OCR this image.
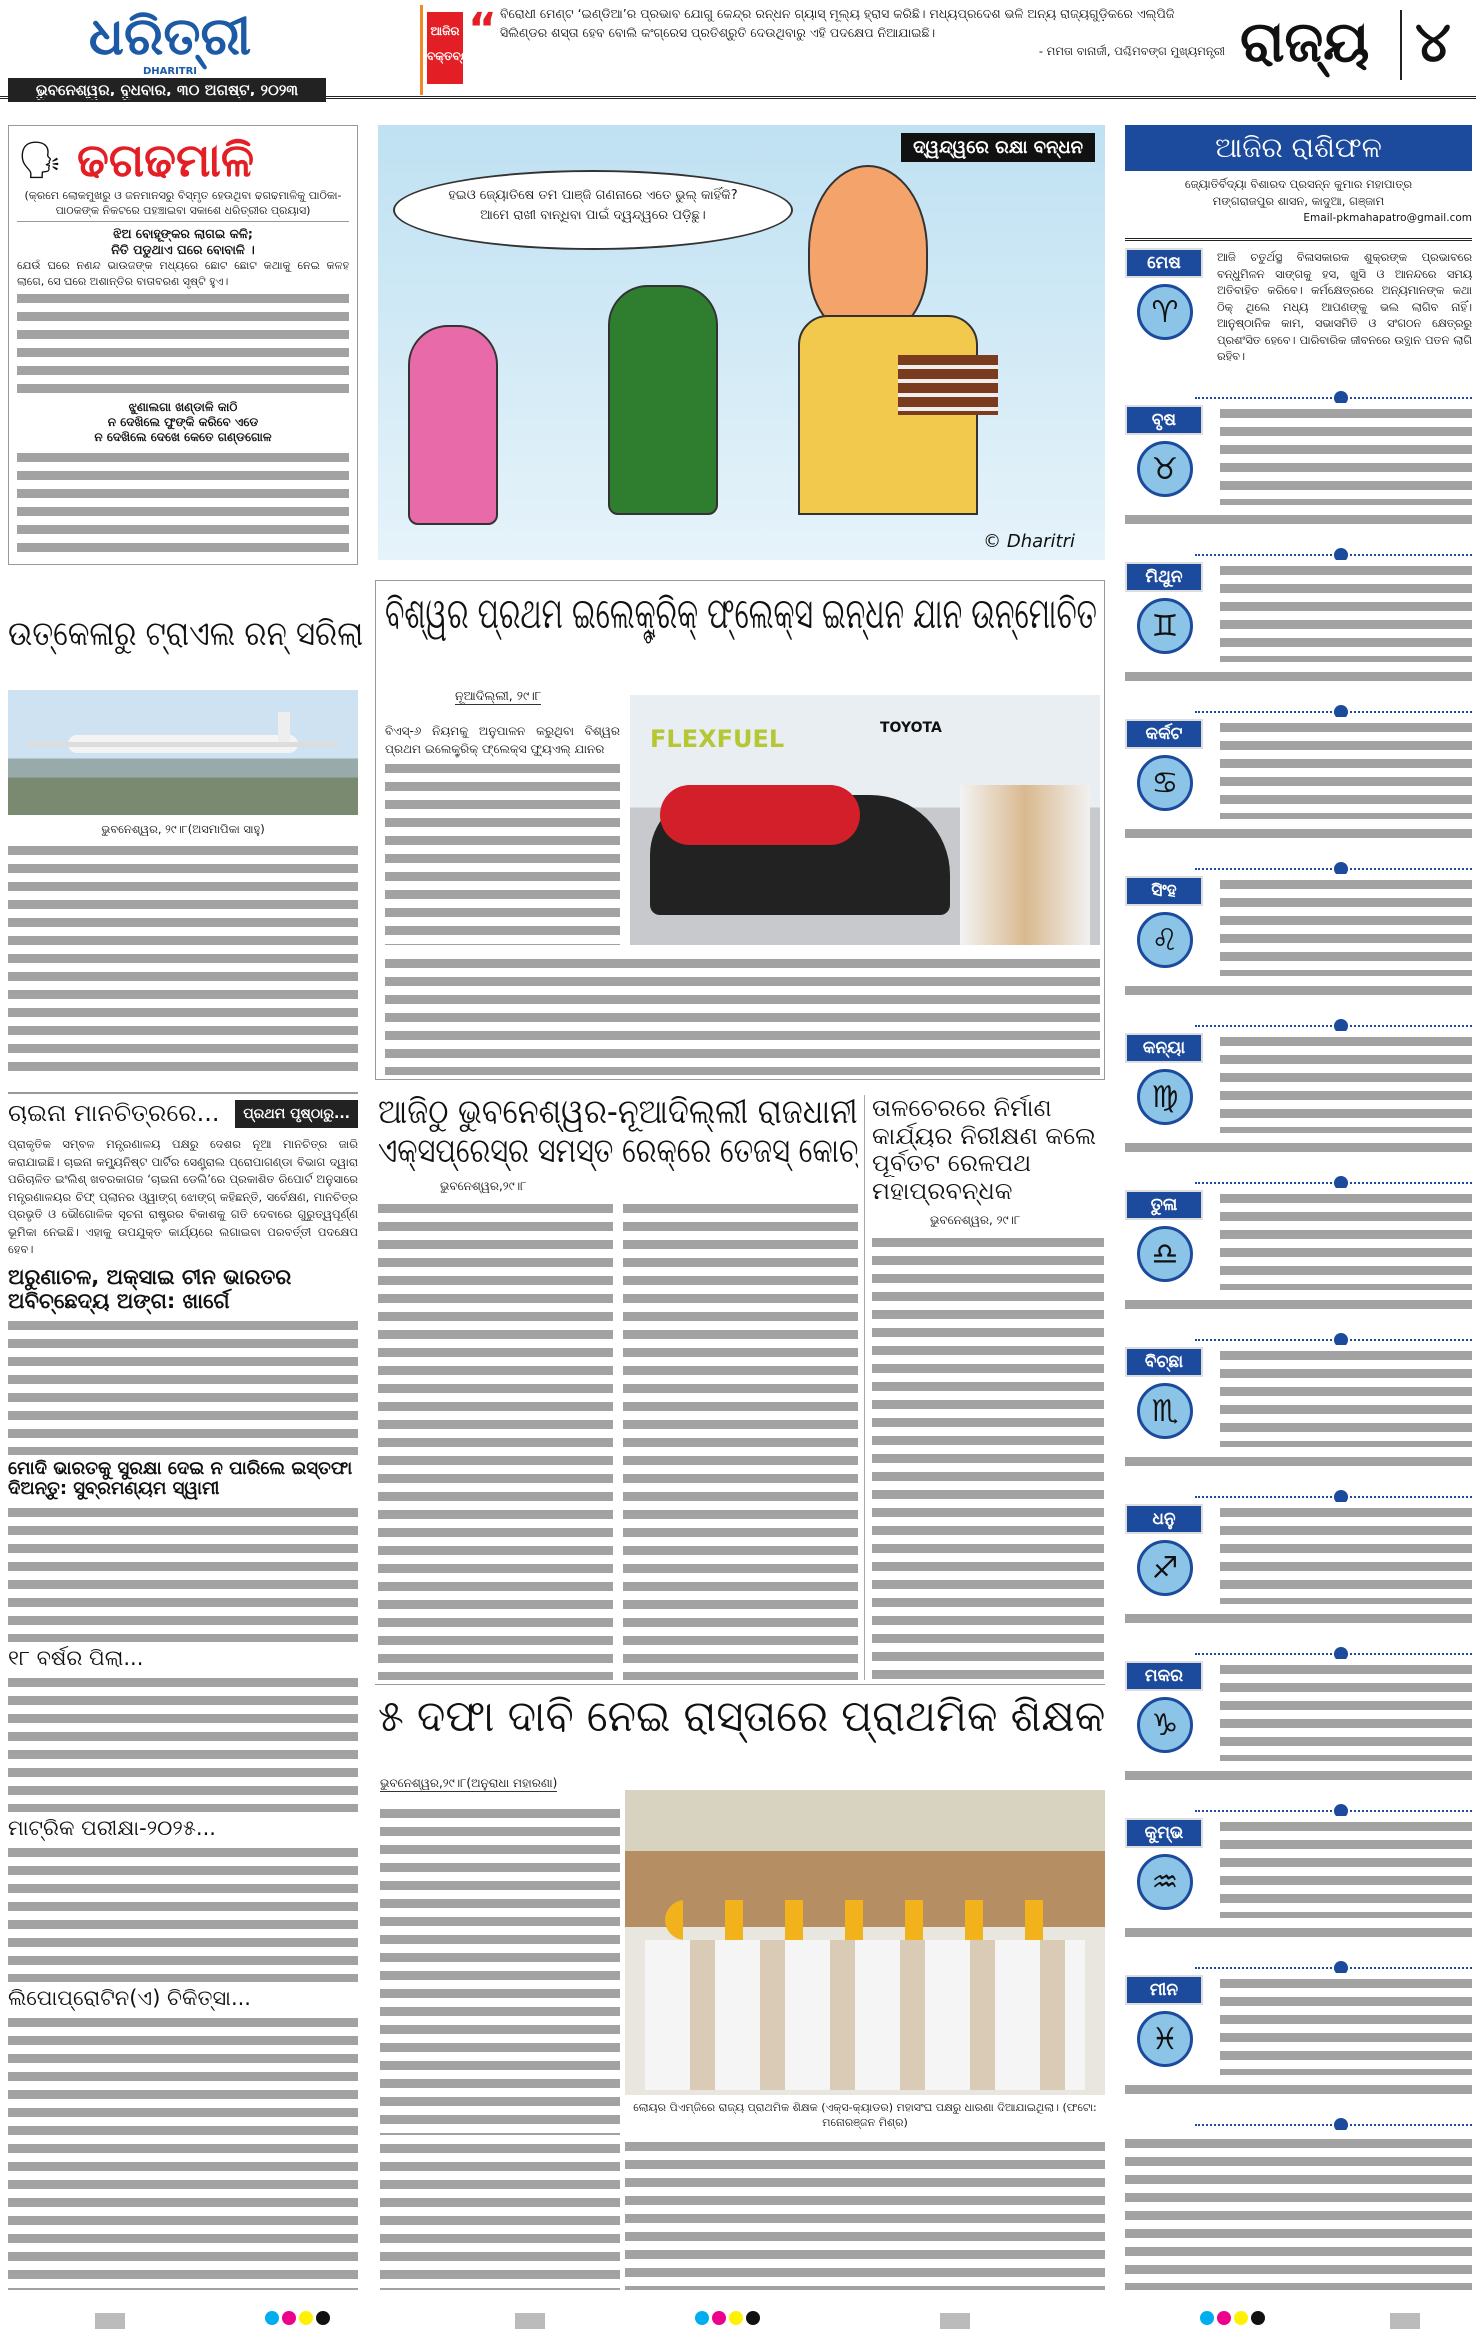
ଧରିତ୍ରୀ
DHARITRI
ଭୁବନେଶ୍ୱର, ବୁଧବାର, ୩୦ ଅଗଷ୍ଟ, ୨୦୨୩
ଆଜିର
ବକ୍ତବ୍ୟ
“ ବିରୋଧୀ ମେଣ୍ଟ ‘ଇଣ୍ଡିଆ’ର ପ୍ରଭାବ ଯୋଗୁ କେନ୍ଦ୍ର ରନ୍ଧନ ଗ୍ୟାସ୍ ମୂଲ୍ୟ ହ୍ରାସ କରିଛି। ମଧ୍ୟପ୍ରଦେଶ ଭଳି ଅନ୍ୟ ରାଜ୍ୟଗୁଡ଼ିକରେ ଏଲ୍‌ପିଜି ସିଲିଣ୍ଡର ଶସ୍ତା ହେବ ବୋଲି କଂଗ୍ରେସ ପ୍ରତିଶ୍ରୁତି ଦେଉଥିବାରୁ ଏହି ପଦକ୍ଷେପ ନିଆଯାଇଛି।
- ମମତା ବାନାର୍ଜୀ, ପଶ୍ଚିମବଙ୍ଗ ମୁଖ୍ୟମନ୍ତ୍ରୀ ରାଜ୍ୟ ୪
🗣 ଢଗଢମାଳି
(କ୍ରମେ ଲୋକମୁଖରୁ ଓ ଜନମାନସରୁ ବିସ୍ମୃତ ହେଉଥିବା ଢଗଢମାଳିକୁ ପାଠିକା-ପାଠକଙ୍କ ନିକଟରେ ପହଞ୍ଚାଇବା ସକାଶେ ଧରିତ୍ରୀର ପ୍ରୟାସ)
ଝିଅ ବୋହୂଙ୍କର ଲାଗଇ କଳି;
ନିତି ପଡୁଥାଏ ଘରେ ବୋବାଳି ।
ଯେଉଁ ଘରେ ନଣନ୍ଦ ଭାଉଜଙ୍କ ମଧ୍ୟରେ ଛୋଟ ଛୋଟ କଥାକୁ ନେଇ କଳହ ଲାଗେ, ସେ ଘରେ ଅଶାନ୍ତିର ବାତାବରଣ ସୃଷ୍ଟି ହୁଏ।
ଝୁଣାଲଗା ଖଣ୍ଡାଳି କାଠି
ନ ଦେଖିଲେ ଫୁଙ୍କି କରିବେ ଏଡେ
ନ ଦେଖିଲେ ଦେଖେ କେତେ ଗଣ୍ଡଗୋଳ
ଉତ୍କେଳାରୁ ଟ୍ରାଏଲ ରନ୍ ସରିଲା
ଭୁବନେଶ୍ୱର, ୨୯।୮(ଅସମାପିକା ସାହୁ)
ଚାଇନା ମାନଚିତ୍ରରେ...	ପ୍ରଥମ ପୃଷ୍ଠାରୁ...
ପ୍ରାକୃତିକ ସମ୍ବଳ ମନ୍ତ୍ରଣାଳୟ ପକ୍ଷରୁ ଦେଶର ନୂଆ ମାନଚିତ୍ର ଜାରି କରାଯାଇଛି। ଚାଇନା କମ୍ୟୁନିଷ୍ଟ ପାର୍ଟିର ସେଣ୍ଟ୍ରାଲ ପ୍ରୋପାଗଣ୍ଡା ବିଭାଗ ଦ୍ୱାରା ପରିଚାଳିତ ଇଂଲିଶ୍ ଖବରକାଗଜ ‘ଚାଇନା ଡେଲି’ରେ ପ୍ରକାଶିତ ରିପୋର୍ଟ ଅନୁସାରେ ମନ୍ତ୍ରଣାଳୟର ଚିଫ୍ ପ୍ଲାନର ଓ୍ୱାଙ୍ଗ୍ ଝୋଙ୍ଗ୍ କହିଛନ୍ତି, ସର୍ବେକ୍ଷଣ, ମାନଚିତ୍ର ପ୍ରଭୃତି ଓ ଭୌଗୋଳିକ ସୂଚନା ରାଷ୍ଟ୍ରର ବିକାଶକୁ ଗତି ଦେବାରେ ଗୁରୁତ୍ୱପୂର୍ଣ୍ଣ ଭୂମିକା ନେଇଛି। ଏହାକୁ ଉପଯୁକ୍ତ କାର୍ଯ୍ୟରେ ଲଗାଇବା ପରବର୍ତ୍ତୀ ପଦକ୍ଷେପ ହେବ।
ଅରୁଣାଚଳ, ଅକ୍ସାଇ ଚୀନ ଭାରତର ଅବିଚ୍ଛେଦ୍ୟ ଅଙ୍ଗ: ଖାର୍ଗେ
ମୋଦି ଭାରତକୁ ସୁରକ୍ଷା ଦେଇ ନ ପାରିଲେ ଇସ୍ତଫା ଦିଅନ୍ତୁ: ସୁବ୍ରମଣ୍ୟମ ସ୍ୱାମୀ
୧୮ ବର୍ଷର ପିଲା...
ମାଟ୍ରିକ ପରୀକ୍ଷା-୨୦୨୫...
ଲିପୋପ୍ରୋଟିନ(ଏ) ଚିକିତ୍ସା...
ଦ୍ୱନ୍ଦ୍ୱରେ ରକ୍ଷା ବନ୍ଧନ
ହଇଓ ଜ୍ୟୋତିଷେ ତମ ପାଞ୍ଜି ଗଣନାରେ ଏତେ ଭୁଲ୍ କାହିଁକି?
ଆମେ ରାଖୀ ବାନ୍ଧିବା ପାଇଁ ଦ୍ୱନ୍ଦ୍ୱରେ ପଡ଼ିଛୁ।
© Dharitri
ବିଶ୍ୱର ପ୍ରଥମ ଇଲେକ୍ଟ୍ରିକ୍ ଫ୍ଲେକ୍ସ ଇନ୍ଧନ ଯାନ ଉନ୍ମୋଚିତ
ନୂଆଦିଲ୍ଲୀ, ୨୯।୮
ବିଏସ୍-୬ ନିୟମକୁ ଅନୁପାଳନ କରୁଥିବା ବିଶ୍ୱର ପ୍ରଥମ ଇଲେକ୍ଟ୍ରିକ୍ ଫ୍ଲେକ୍ସ ଫ୍ୟୁଏଲ୍ ଯାନର	FLEXFUEL	TOYOTA
ଆଜିଠୁ ଭୁବନେଶ୍ୱର-ନୂଆଦିଲ୍ଲୀ ରାଜଧାନୀ
ଏକ୍ସପ୍ରେସ୍‌ର ସମସ୍ତ ରେକ୍‌ରେ ତେଜସ୍ କୋଚ୍
ଭୁବନେଶ୍ୱର,୨୯।୮
ତାଳଚେରରେ ନିର୍ମାଣ କାର୍ଯ୍ୟର ନିରୀକ୍ଷଣ କଲେ ପୂର୍ବତଟ ରେଳପଥ ମହାପ୍ରବନ୍ଧକ
ଭୁବନେଶ୍ୱର, ୨୯।୮
୫ ଦଫା ଦାବି ନେଇ ରାସ୍ତାରେ ପ୍ରାଥମିକ ଶିକ୍ଷକ
ଭୁବନେଶ୍ୱର,୨୯।୮(ଅନୁରାଧା ମହାରଣା)
ଲୋୟର ପିଏମ୍‌ଜିରେ ରାଜ୍ୟ ପ୍ରାଥମିକ ଶିକ୍ଷକ (ଏକ୍ସ-କ୍ୟାଡର) ମହାସଂଘ ପକ୍ଷରୁ ଧାରଣା ଦିଆଯାଇଥିଲା। (ଫଟୋ: ମନୋରଞ୍ଜନ ମିଶ୍ର)
ଆଜିର ରାଶିଫଳ
ଜ୍ୟୋତିର୍ବିଦ୍ୟା ବିଶାରଦ ପ୍ରସନ୍ନ କୁମାର ମହାପାତ୍ର
ମଙ୍ଗରାଜପୁର ଶାସନ, କାଦୁଆ, ଗଞ୍ଜାମ
Email-pkmahapatro@gmail.com
ମେଷ
♈
ଆଜି ଚତୁର୍ଥସ୍ଥ ବିଳାସକାରକ ଶୁକ୍ରଙ୍କ ପ୍ରଭାବରେ ବନ୍ଧୁମିଳନ ସାଙ୍ଗକୁ ହସ, ଖୁସି ଓ ଆନନ୍ଦରେ ସମୟ ଅତିବାହିତ କରିବେ। କର୍ମକ୍ଷେତ୍ରରେ ଅନ୍ୟମାନଙ୍କ କଥା ଠିକ୍ ଥିଲେ ମଧ୍ୟ ଆପଣଙ୍କୁ ଭଲ ଲାଗିବ ନାହିଁ। ଆନୁଷ୍ଠାନିକ କାମ, ସଭାସମିତି ଓ ସଂଗଠନ କ୍ଷେତ୍ରରୁ ପ୍ରଶଂସିତ ହେବେ। ପାରିବାରିକ ଜୀବନରେ ଉତ୍ଥାନ ପତନ ଲାଗି ରହିବ।
ବୃଷ
♉
ମିଥୁନ
♊
କର୍କଟ
♋
ସିଂହ
♌
କନ୍ୟା
♍
ତୁଳା
♎
ବିଚ୍ଛା
♏
ଧନୁ
♐
ମକର
♑
କୁମ୍ଭ
♒
ମୀନ
♓
